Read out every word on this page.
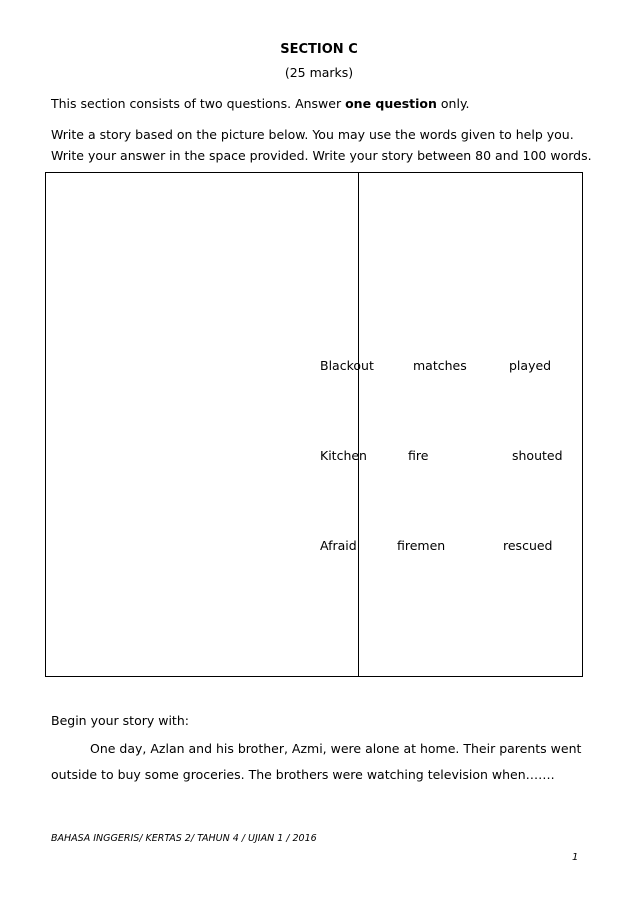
SECTION C
(25 marks)
This section consists of two questions. Answer one question only.
Write a story based on the picture below. You may use the words given to help you.
Write your answer in the space provided. Write your story between 80 and 100 words.
Blackout	matches	played
Kitchen	fire	shouted
Afraid	firemen	rescued
Begin your story with:
One day, Azlan and his brother, Azmi, were alone at home. Their parents went
outside to buy some groceries. The brothers were watching television when…….
BAHASA INGGERIS/ KERTAS 2/ TAHUN 4 / UJIAN 1 / 2016
1
